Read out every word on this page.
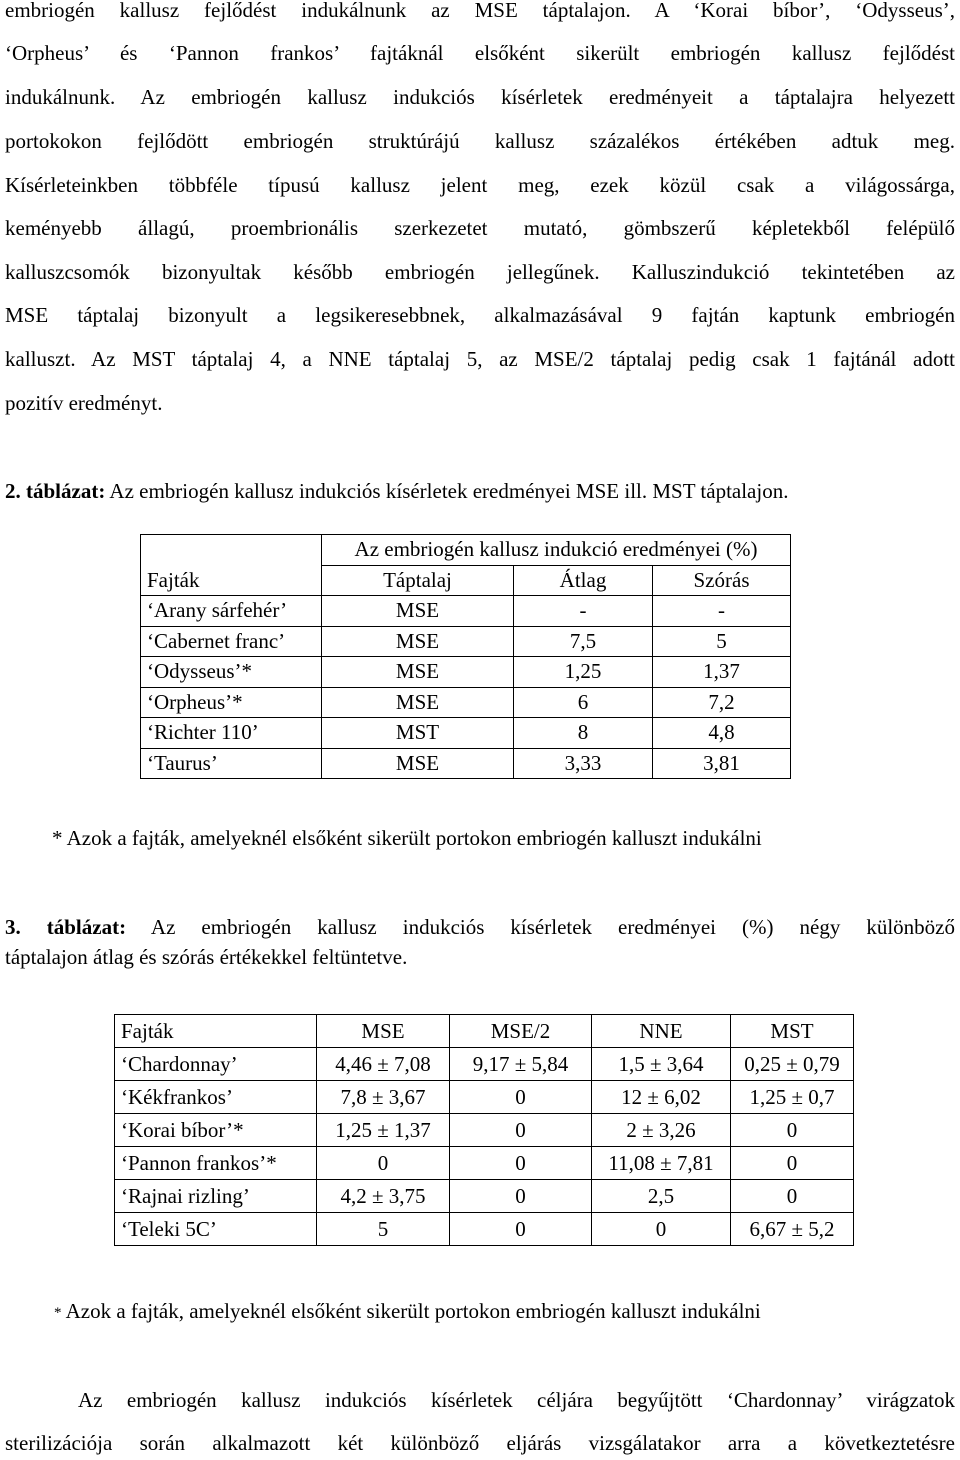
embriogén kallusz fejlődést indukálnunk az MSE táptalajon. A ‘Korai bíbor’, ‘Odysseus’,
‘Orpheus’ és ‘Pannon frankos’ fajtáknál elsőként sikerült embriogén kallusz fejlődést
indukálnunk. Az embriogén kallusz indukciós kísérletek eredményeit a táptalajra helyezett
portokokon fejlődött embriogén struktúrájú kallusz százalékos értékében adtuk meg.
Kísérleteinkben többféle típusú kallusz jelent meg, ezek közül csak a világossárga,
keményebb állagú, proembrionális szerkezetet mutató, gömbszerű képletekből felépülő
kalluszcsomók bizonyultak később embriogén jellegűnek. Kalluszindukció tekintetében az
MSE táptalaj bizonyult a legsikeresebbnek, alkalmazásával 9 fajtán kaptunk embriogén
kalluszt. Az MST táptalaj 4, a NNE táptalaj 5, az MSE/2 táptalaj pedig csak 1 fajtánál adott
pozitív eredményt.
2. táblázat: Az embriogén kallusz indukciós kísérletek eredményei MSE ill. MST táptalajon.
	Az embriogén kallusz indukció eredményei (%)		
Fajták	Táptalaj	Átlag	Szórás
‘Arany sárfehér’	MSE	-	-
‘Cabernet franc’	MSE	7,5	5
‘Odysseus’*	MSE	1,25	1,37
‘Orpheus’*	MSE	6	7,2
‘Richter 110’	MST	8	4,8
‘Taurus’	MSE	3,33	3,81
* Azok a fajták, amelyeknél elsőként sikerült portokon embriogén kalluszt indukálni
3. táblázat: Az embriogén kallusz indukciós kísérletek eredményei (%) négy különböző
táptalajon átlag és szórás értékekkel feltüntetve.
Fajták	MSE	MSE/2	NNE	MST
‘Chardonnay’	4,46 ± 7,08	9,17 ± 5,84	1,5 ± 3,64	0,25 ± 0,79
‘Kékfrankos’	7,8 ± 3,67	0	12 ± 6,02	1,25 ± 0,7
‘Korai bíbor’*	1,25 ± 1,37	0	2 ± 3,26	0
‘Pannon frankos’*	0	0	11,08 ± 7,81	0
‘Rajnai rizling’	4,2 ± 3,75	0	2,5	0
‘Teleki 5C’	5	0	0	6,67 ± 5,2
* Azok a fajták, amelyeknél elsőként sikerült portokon embriogén kalluszt indukálni
Az embriogén kallusz indukciós kísérletek céljára begyűjtött ‘Chardonnay’ virágzatok
sterilizációja során alkalmazott két különböző eljárás vizsgálatakor arra a következtetésre
